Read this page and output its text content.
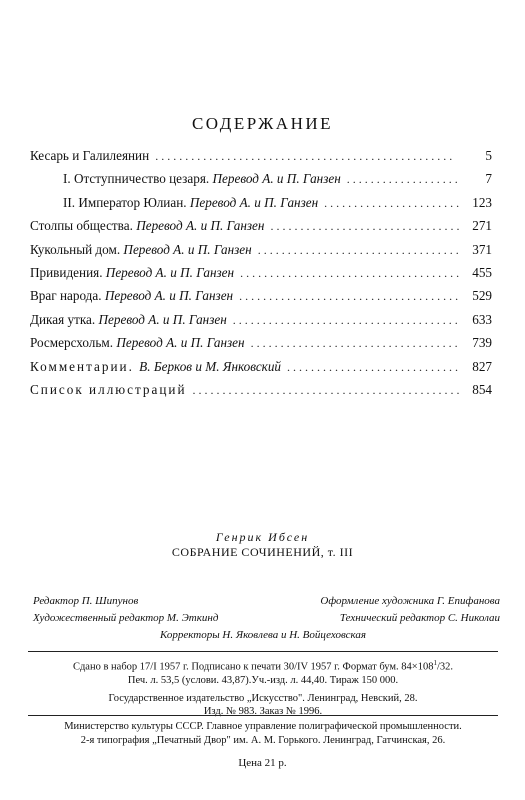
СОДЕРЖАНИЕ
Кесарь и Галилеянин . . .	5
I. Отступничество цезаря. Перевод А. и П. Ганзен . . .	7
II. Император Юлиан. Перевод А. и П. Ганзен . . .	123
Столпы общества. Перевод А. и П. Ганзен . . .	271
Кукольный дом. Перевод А. и П. Ганзен . . .	371
Привидения. Перевод А. и П. Ганзен . . .	455
Враг народа. Перевод А. и П. Ганзен . . .	529
Дикая утка. Перевод А. и П. Ганзен . . .	633
Росмерсхольм. Перевод А. и П. Ганзен . . .	739
Комментарии. В. Берков и М. Янковский . . .	827
Список иллюстраций . . .	854
Генрик Ибсен
СОБРАНИЕ СОЧИНЕНИЙ, т. III
Редактор П. Шипунов	Оформление художника Г. Епифанова
Художественный редактор М. Эткинд	Технический редактор С. Николаи
Корректоры Н. Яковлева и Н. Войцеховская
Сдано в набор 17/I 1957 г. Подписано к печати 30/IV 1957 г. Формат бум. $84\times 108^1/32$.
Печ. л. 53,5 (услови. 43,87).Уч.-изд. л. 44,40. Тираж 150 000.
Государственное издательство „Искусство". Ленинград, Невский, 28.
Изд. № 983. Заказ № 1996.
Министерство культуры СССР. Главное управление полиграфической промышленности.
2-я типография „Печатный Двор" им. А. М. Горького. Ленинград, Гатчинская, 26.
Цена 21 р.
